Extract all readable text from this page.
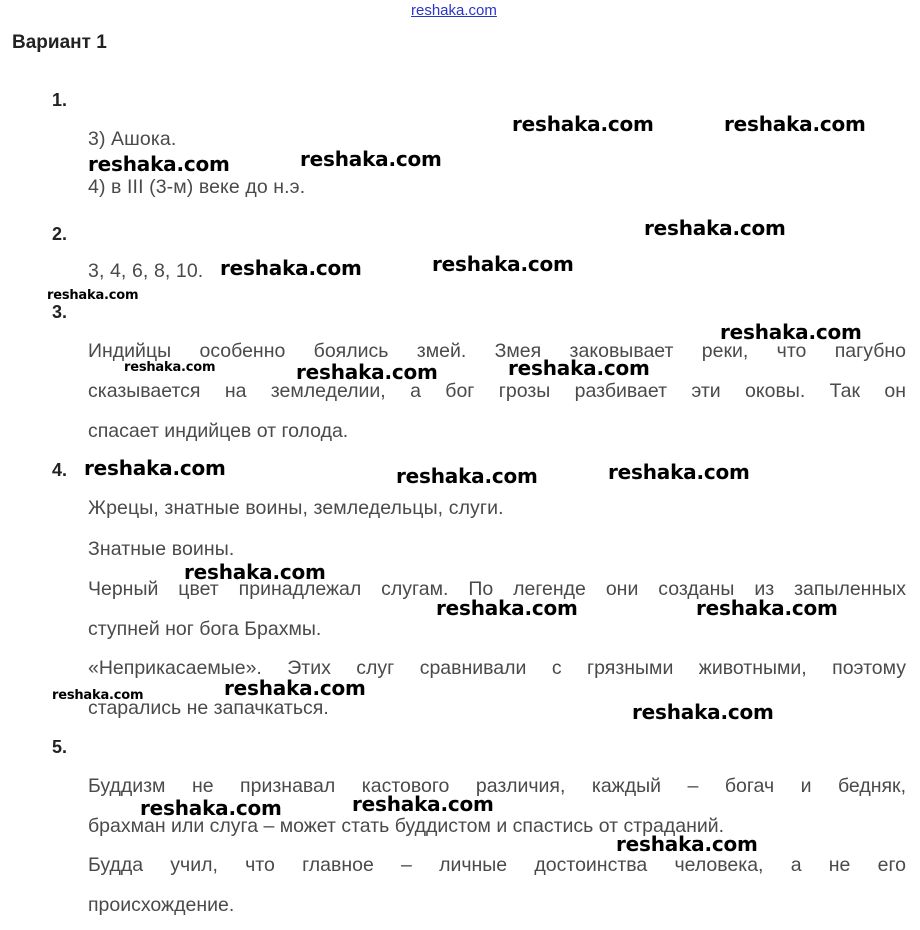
reshaka.com
Вариант 1
1.
3) Ашока.
4) в III (3-м) веке до н.э.
2.
3, 4, 6, 8, 10.
3.
Индийцы особенно боялись змей. Змея заковывает реки, что пагубно
сказывается на земледелии, а бог грозы разбивает эти оковы. Так он
спасает индийцев от голода.
4.
Жрецы, знатные воины, земледельцы, слуги.
Знатные воины.
Черный цвет принадлежал слугам. По легенде они созданы из запыленных
ступней ног бога Брахмы.
«Неприкасаемые». Этих слуг сравнивали с грязными животными, поэтому
старались не запачкаться.
5.
Буддизм не признавал кастового различия, каждый – богач и бедняк,
брахман или слуга – может стать буддистом и спастись от страданий.
Будда учил, что главное – личные достоинства человека, а не его
происхождение.
reshaka.com	reshaka.com
reshaka.com	reshaka.com
reshaka.com
reshaka.com	reshaka.com
reshaka.com
reshaka.com
reshaka.com	reshaka.com	reshaka.com
reshaka.com	reshaka.com	reshaka.com
reshaka.com
reshaka.com	reshaka.com
reshaka.com	reshaka.com
reshaka.com
reshaka.com	reshaka.com
reshaka.com
